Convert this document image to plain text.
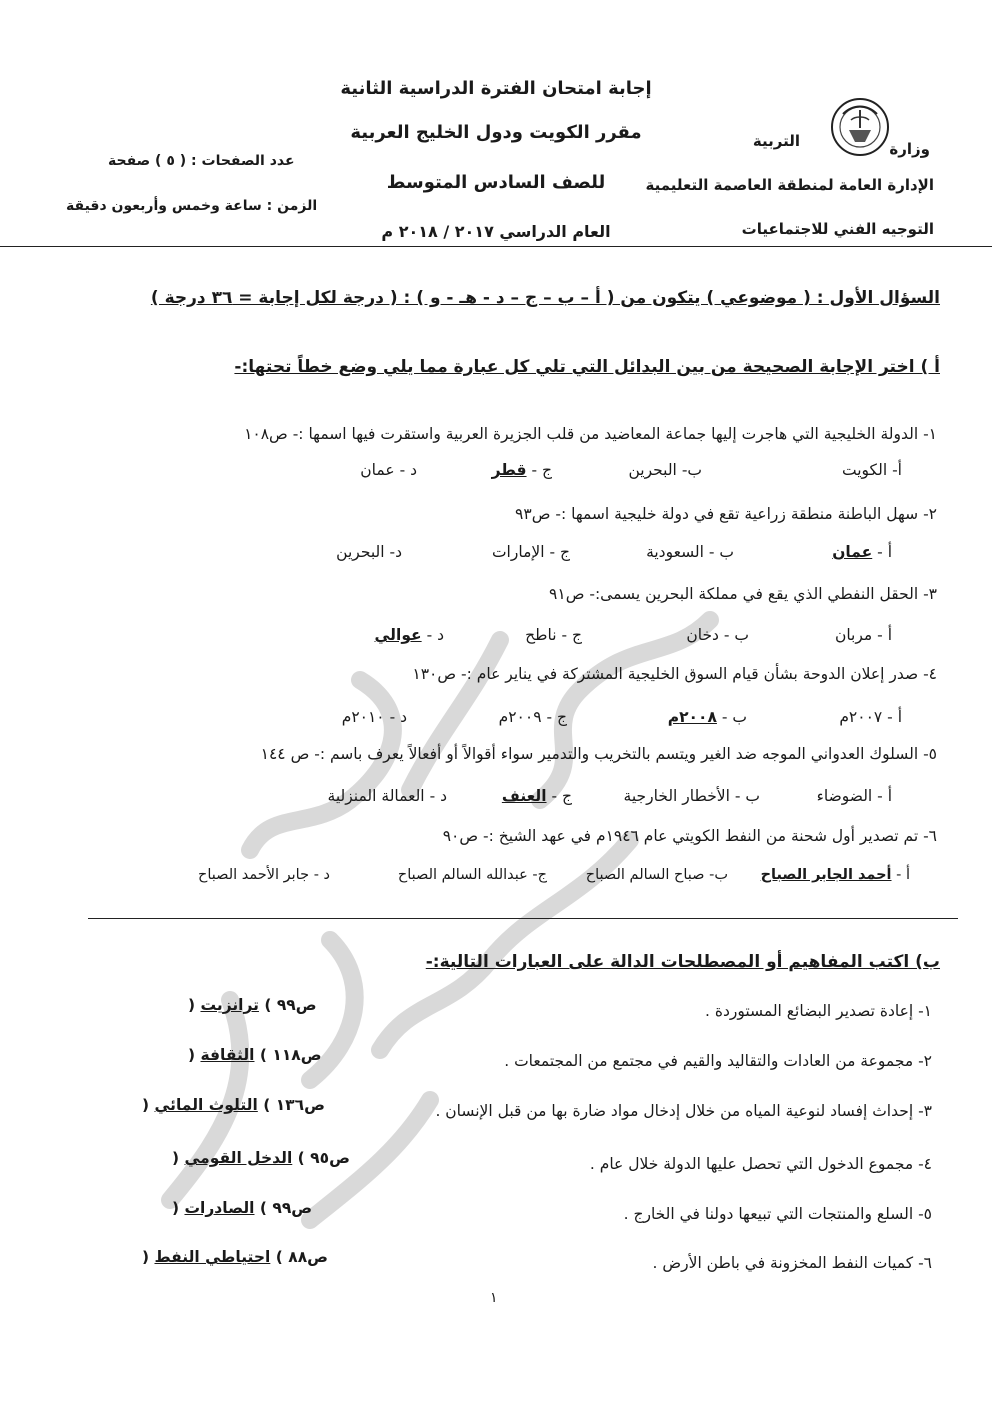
إجابة امتحان الفترة الدراسية الثانية
مقرر الكويت ودول الخليج العربية
للصف السادس المتوسط
العام الدراسي ٢٠١٧ / ٢٠١٨ م
وزارة
التربية
الإدارة العامة لمنطقة العاصمة التعليمية
التوجيه الفني للاجتماعيات
عدد الصفحات : ( ٥ ) صفحة
الزمن : ساعة وخمس وأربعون دقيقة
السؤال الأول : ( موضوعي ) يتكون من ( أ – ب – ج – د - هـ - و ) : ( درجة لكل إجابة = ٣٦ درجة )
أ ) اختر الإجابة الصحيحة من بين البدائل التي تلي كل عبارة مما يلي وضع خطاً تحتها:-
١- الدولة الخليجية التي هاجرت إليها جماعة المعاضيد من قلب الجزيرة العربية واستقرت فيها اسمها :- ص١٠٨
أ- الكويت
ب- البحرين
ج - قطر
د - عمان
٢- سهل الباطنة منطقة زراعية تقع في دولة خليجية اسمها :- ص٩٣
أ - عمان
ب - السعودية
ج - الإمارات
د- البحرين
٣- الحقل النفطي الذي يقع في مملكة البحرين يسمى:- ص٩١
أ - مربان
ب - دخان
ج - ناطح
د - عوالي
٤- صدر إعلان الدوحة بشأن قيام السوق الخليجية المشتركة في يناير عام :- ص١٣٠
أ - ٢٠٠٧م
ب - ٢٠٠٨م
ج - ٢٠٠٩م
د - ٢٠١٠م
٥- السلوك العدواني الموجه ضد الغير ويتسم بالتخريب والتدمير سواء أقوالاً أو أفعالاً يعرف باسم :- ص ١٤٤
أ - الضوضاء
ب - الأخطار الخارجية
ج - العنف
د - العمالة المنزلية
٦- تم تصدير أول شحنة من النفط الكويتي عام ١٩٤٦م في عهد الشيخ :- ص٩٠
أ - أحمد الجابر الصباح
ب- صباح السالم الصباح
ج- عبدالله السالم الصباح
د - جابر الأحمد الصباح
ب) اكتب المفاهيم أو المصطلحات الدالة على العبارات التالية:-
١- إعادة تصدير البضائع المستوردة .
ص٩٩ ) ترانزيت (
٢- مجموعة من العادات والتقاليد والقيم في مجتمع من المجتمعات .
ص١١٨ ) الثقافة (
٣- إحداث إفساد لنوعية المياه من خلال إدخال مواد ضارة بها من قبل الإنسان .
ص١٣٦ ) التلوث المائي (
٤- مجموع الدخول التي تحصل عليها الدولة خلال عام .
ص٩٥ ) الدخل القومي (
٥- السلع والمنتجات التي تبيعها دولنا في الخارج .
ص٩٩ ) الصادرات (
٦- كميات النفط المخزونة في باطن الأرض .
ص٨٨ ) احتياطي النفط (
١
